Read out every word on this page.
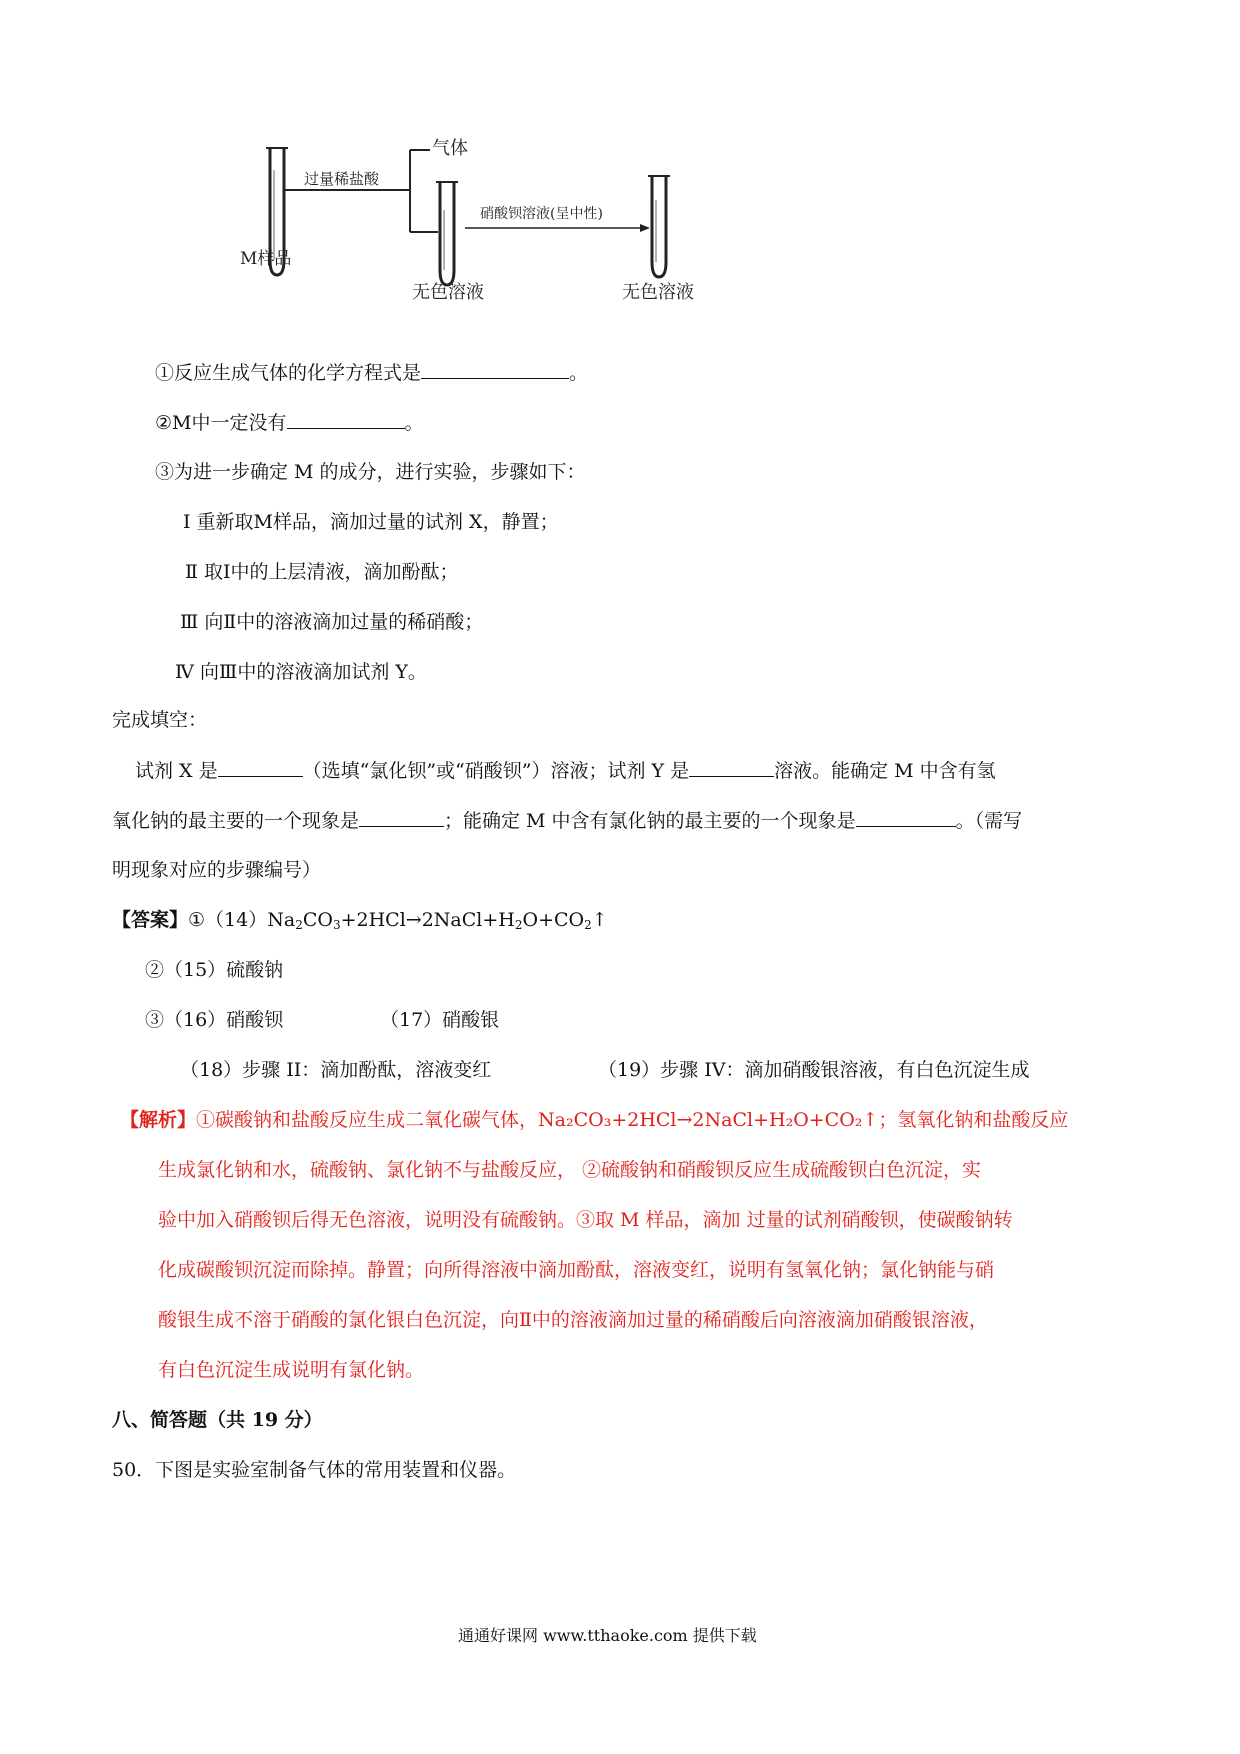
M样品
过量稀盐酸
气体
无色溶液
硝酸钡溶液(呈中性)
无色溶液
①反应生成气体的化学方程式是	。
②M中一定没有	。
③为进一步确定 M 的成分，进行实验，步骤如下：
Ⅰ 重新取M样品，滴加过量的试剂 X，静置；
Ⅱ 取Ⅰ中的上层清液，滴加酚酞；
Ⅲ 向Ⅱ中的溶液滴加过量的稀硝酸；
Ⅳ 向Ⅲ中的溶液滴加试剂 Y。
完成填空：
试剂 X 是	（选填“氯化钡”或“硝酸钡”）溶液；试剂 Y 是	溶液。能确定 M 中含有氢
氧化钠的最主要的一个现象是	；能确定 M 中含有氯化钠的最主要的一个现象是	。（需写
明现象对应的步骤编号）
【答案】$①(14)Na_2CO_3+2HCl\to 2NaCl+H_2O+CO_2↑$
②（15）硫酸钠
③（16）硝酸钡	（17）硝酸银
（18）步骤 II：滴加酚酞，溶液变红	（19）步骤 IV：滴加硝酸银溶液，有白色沉淀生成
【解析】①碳酸钠和盐酸反应生成二氧化碳气体，Na₂CO₃+2HCl→2NaCl+H₂O+CO₂↑；氢氧化钠和盐酸反应
生成氯化钠和水，硫酸钠、氯化钠不与盐酸反应， ②硫酸钠和硝酸钡反应生成硫酸钡白色沉淀，实
验中加入硝酸钡后得无色溶液，说明没有硫酸钠。③取 M 样品，滴加 过量的试剂硝酸钡，使碳酸钠转
化成碳酸钡沉淀而除掉。静置；向所得溶液中滴加酚酞，溶液变红，说明有氢氧化钠；氯化钠能与硝
酸银生成不溶于硝酸的氯化银白色沉淀，向Ⅱ中的溶液滴加过量的稀硝酸后向溶液滴加硝酸银溶液，
有白色沉淀生成说明有氯化钠。
八、简答题（共 19 分）
50．下图是实验室制备气体的常用装置和仪器。
通通好课网 www.tthaoke.com 提供下载
